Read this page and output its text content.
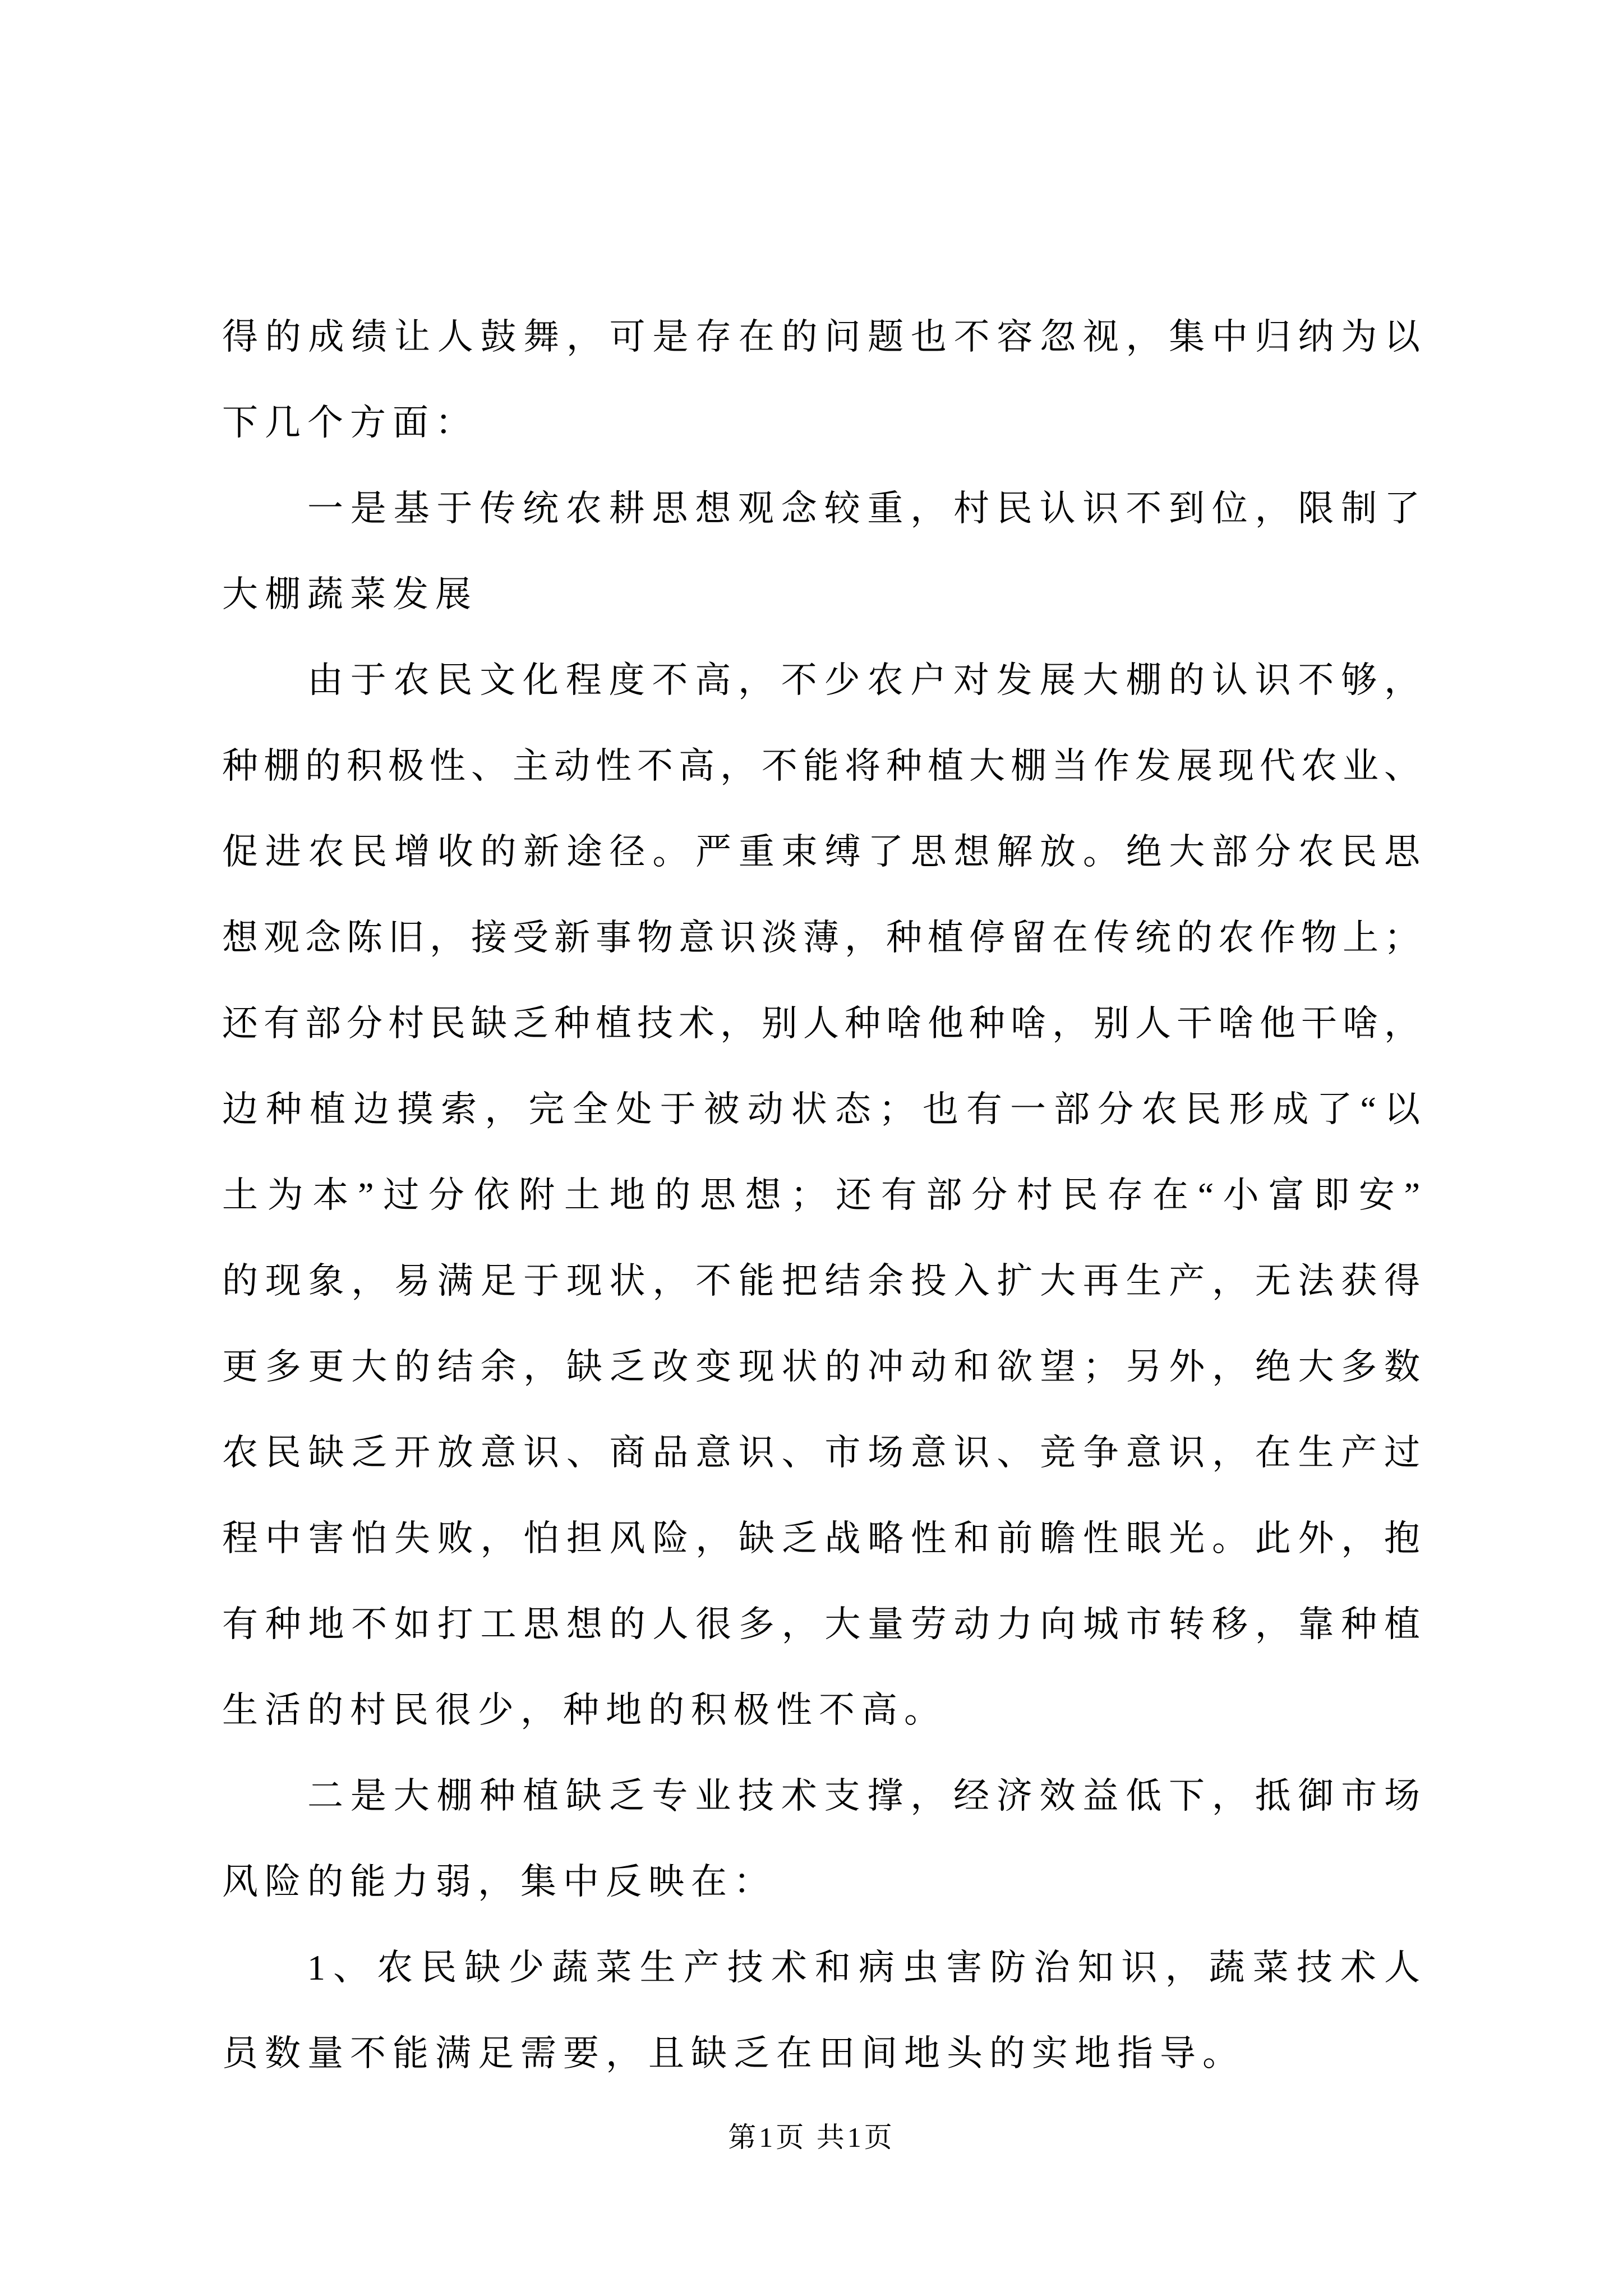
得的成绩让人鼓舞，可是存在的问题也不容忽视，集中归纳为以
下几个方面：
一是基于传统农耕思想观念较重，村民认识不到位，限制了
大棚蔬菜发展
由于农民文化程度不高，不少农户对发展大棚的认识不够，
种棚的积极性、主动性不高，不能将种植大棚当作发展现代农业、
促进农民增收的新途径。严重束缚了思想解放。绝大部分农民思
想观念陈旧，接受新事物意识淡薄，种植停留在传统的农作物上；
还有部分村民缺乏种植技术，别人种啥他种啥，别人干啥他干啥，
边种植边摸索，完全处于被动状态；也有一部分农民形成了“以
土为本”过分依附土地的思想；还有部分村民存在“小富即安”
的现象，易满足于现状，不能把结余投入扩大再生产，无法获得
更多更大的结余，缺乏改变现状的冲动和欲望；另外，绝大多数
农民缺乏开放意识、商品意识、市场意识、竞争意识，在生产过
程中害怕失败，怕担风险，缺乏战略性和前瞻性眼光。此外，抱
有种地不如打工思想的人很多，大量劳动力向城市转移，靠种植
生活的村民很少，种地的积极性不高。
二是大棚种植缺乏专业技术支撑，经济效益低下，抵御市场
风险的能力弱，集中反映在：
1、农民缺少蔬菜生产技术和病虫害防治知识，蔬菜技术人
员数量不能满足需要，且缺乏在田间地头的实地指导。
第1页 共1页
